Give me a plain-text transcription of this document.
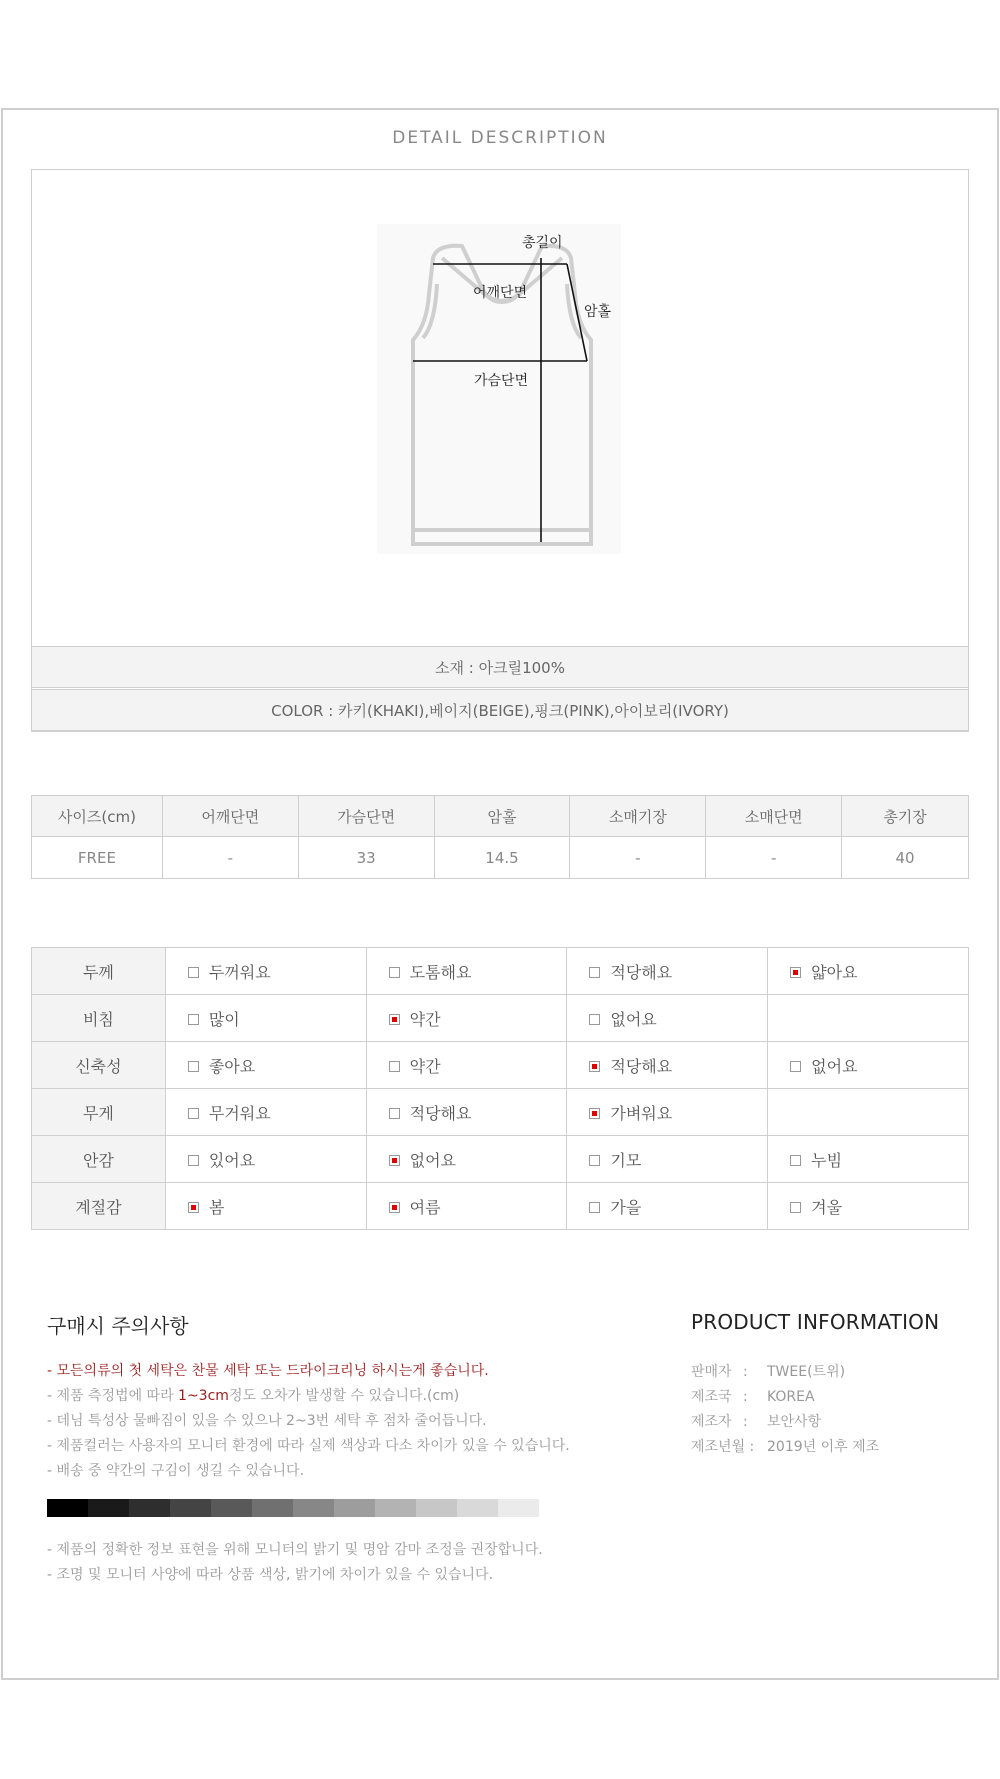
DETAIL DESCRIPTION
총길이
어깨단면
암홀
가슴단면
소재 : 아크릴100%
COLOR : 카키(KHAKI),베이지(BEIGE),핑크(PINK),아이보리(IVORY)
사이즈(cm)	어깨단면	가슴단면	암홀	소매기장	소매단면	총기장
FREE	-	33	14.5	-	-	40
두께	두꺼워요	도톰해요	적당해요	얇아요
비침	많이	약간	없어요	
신축성	좋아요	약간	적당해요	없어요
무게	무거워요	적당해요	가벼워요	
안감	있어요	없어요	기모	누빔
계절감	봄	여름	가을	겨울
구매시 주의사항
- 모든의류의 첫 세탁은 찬물 세탁 또는 드라이크리닝 하시는게 좋습니다.
- 제품 측정법에 따라 1~3cm정도 오차가 발생할 수 있습니다.(cm)
- 데님 특성상 물빠짐이 있을 수 있으나 2~3번 세탁 후 점차 줄어듭니다.
- 제품컬러는 사용자의 모니터 환경에 따라 실제 색상과 다소 차이가 있을 수 있습니다.
- 배송 중 약간의 구김이 생길 수 있습니다.
- 제품의 정확한 정보 표현을 위해 모니터의 밝기 및 명암 감마 조정을 권장합니다.
- 조명 및 모니터 사양에 따라 상품 색상, 밝기에 차이가 있을 수 있습니다.
PRODUCT INFORMATION
판매자 : TWEE(트위)
제조국 : KOREA
제조자 : 보안사항
제조년월 : 2019년 이후 제조
